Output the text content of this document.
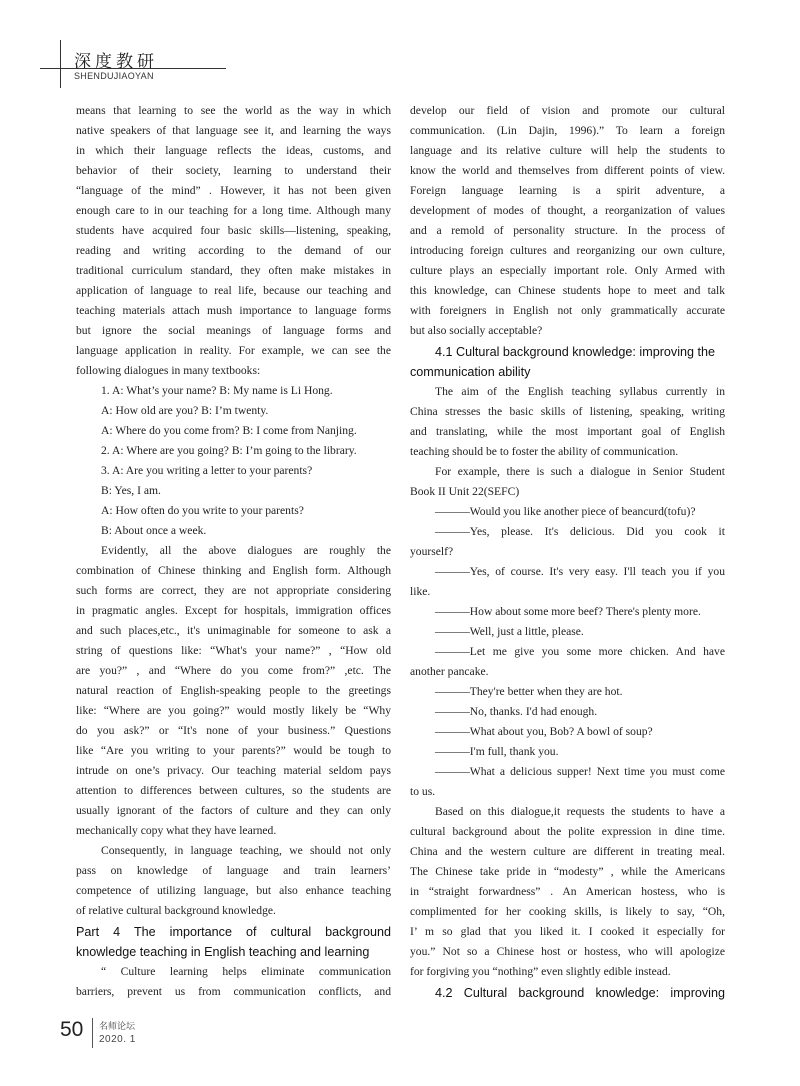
深度教研
SHENDUJIAOYAN
means that learning to see the world as the way in which
native speakers of that language see it, and learning the ways
in which their language reflects the ideas, customs, and
behavior of their society, learning to understand their
“language of the mind” . However, it has not been given
enough care to in our teaching for a long time. Although many
students have acquired four basic skills—listening, speaking,
reading and writing according to the demand of our
traditional curriculum standard, they often make mistakes in
application of language to real life, because our teaching and
teaching materials attach mush importance to language forms
but ignore the social meanings of language forms and
language application in reality. For example, we can see the
following dialogues in many textbooks:
1. A: What’s your name? B: My name is Li Hong.
A: How old are you? B: I’m twenty.
A: Where do you come from? B: I come from Nanjing.
2. A: Where are you going? B: I’m going to the library.
3. A: Are you writing a letter to your parents?
B: Yes, I am.
A: How often do you write to your parents?
B: About once a week.
Evidently, all the above dialogues are roughly the
combination of Chinese thinking and English form. Although
such forms are correct, they are not appropriate considering
in pragmatic angles. Except for hospitals, immigration offices
and such places,etc., it's unimaginable for someone to ask a
string of questions like: “What's your name?” , “How old
are you?” , and “Where do you come from?” ,etc. The
natural reaction of English-speaking people to the greetings
like: “Where are you going?” would mostly likely be “Why
do you ask?” or “It's none of your business.” Questions
like “Are you writing to your parents?” would be tough to
intrude on one’s privacy. Our teaching material seldom pays
attention to differences between cultures, so the students are
usually ignorant of the factors of culture and they can only
mechanically copy what they have learned.
Consequently, in language teaching, we should not only
pass on knowledge of language and train learners’
competence of utilizing language, but also enhance teaching
of relative cultural background knowledge.
Part 4 The importance of cultural background
knowledge teaching in English teaching and learning
“ Culture learning helps eliminate communication
barriers, prevent us from communication conflicts, and
develop our field of vision and promote our cultural
communication. (Lin Dajin, 1996).” To learn a foreign
language and its relative culture will help the students to
know the world and themselves from different points of view.
Foreign language learning is a spirit adventure, a
development of modes of thought, a reorganization of values
and a remold of personality structure. In the process of
introducing foreign cultures and reorganizing our own culture,
culture plays an especially important role. Only Armed with
this knowledge, can Chinese students hope to meet and talk
with foreigners in English not only grammatically accurate
but also socially acceptable?
4.1 Cultural background knowledge: improving the
communication ability
The aim of the English teaching syllabus currently in
China stresses the basic skills of listening, speaking, writing
and translating, while the most important goal of English
teaching should be to foster the ability of communication.
For example, there is such a dialogue in Senior Student
Book II Unit 22(SEFC)
———Would you like another piece of beancurd(tofu)?
———Yes, please. It's delicious. Did you cook it
yourself?
———Yes, of course. It's very easy. I'll teach you if you
like.
———How about some more beef? There's plenty more.
———Well, just a little, please.
———Let me give you some more chicken. And have
another pancake.
———They're better when they are hot.
———No, thanks. I'd had enough.
———What about you, Bob? A bowl of soup?
———I'm full, thank you.
———What a delicious supper! Next time you must come
to us.
Based on this dialogue,it requests the students to have a
cultural background about the polite expression in dine time.
China and the western culture are different in treating meal.
The Chinese take pride in “modesty” , while the Americans
in “straight forwardness” . An American hostess, who is
complimented for her cooking skills, is likely to say, “Oh,
I’ m so glad that you liked it. I cooked it especially for
you.” Not so a Chinese host or hostess, who will apologize
for forgiving you “nothing” even slightly edible instead.
4.2 Cultural background knowledge: improving
50 名师论坛
2020. 1
